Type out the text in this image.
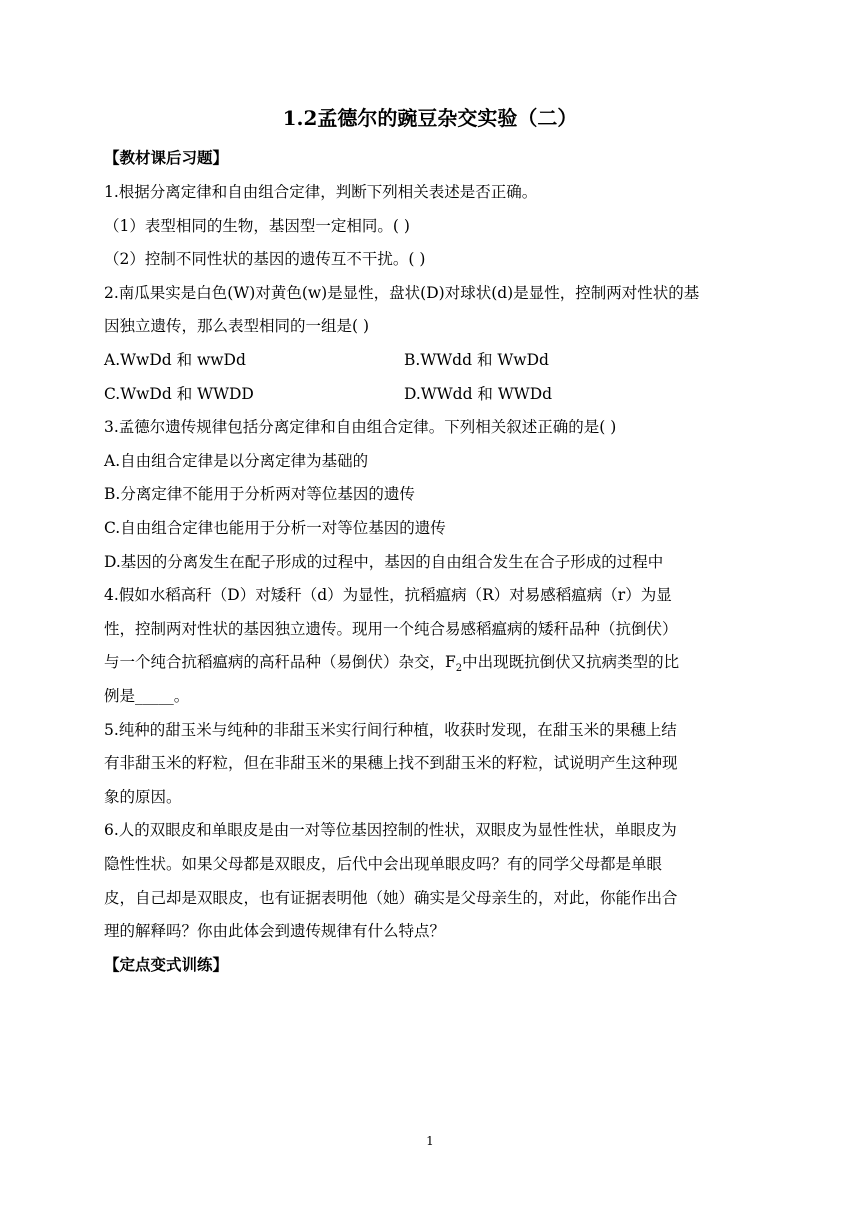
1.2孟德尔的豌豆杂交实验（二）
【教材课后习题】
1.根据分离定律和自由组合定律，判断下列相关表述是否正确。
（1）表型相同的生物，基因型一定相同。( )
（2）控制不同性状的基因的遗传互不干扰。( )
2.南瓜果实是白色(W)对黄色(w)是显性，盘状(D)对球状(d)是显性，控制两对性状的基
因独立遗传，那么表型相同的一组是( )
A.WwDd 和 wwDd	B.WWdd 和 WwDd
C.WwDd 和 WWDD	D.WWdd 和 WWDd
3.孟德尔遗传规律包括分离定律和自由组合定律。下列相关叙述正确的是( )
A.自由组合定律是以分离定律为基础的
B.分离定律不能用于分析两对等位基因的遗传
C.自由组合定律也能用于分析一对等位基因的遗传
D.基因的分离发生在配子形成的过程中，基因的自由组合发生在合子形成的过程中
4.假如水稻高秆（D）对矮秆（d）为显性，抗稻瘟病（R）对易感稻瘟病（r）为显
性，控制两对性状的基因独立遗传。现用一个纯合易感稻瘟病的矮秆品种（抗倒伏）
与一个纯合抗稻瘟病的高秆品种（易倒伏）杂交，$F_2$中出现既抗倒伏又抗病类型的比
例是_____。
5.纯种的甜玉米与纯种的非甜玉米实行间行种植，收获时发现，在甜玉米的果穗上结
有非甜玉米的籽粒，但在非甜玉米的果穗上找不到甜玉米的籽粒，试说明产生这种现
象的原因。
6.人的双眼皮和单眼皮是由一对等位基因控制的性状，双眼皮为显性性状，单眼皮为
隐性性状。如果父母都是双眼皮，后代中会出现单眼皮吗？有的同学父母都是单眼
皮，自己却是双眼皮，也有证据表明他（她）确实是父母亲生的，对此，你能作出合
理的解释吗？你由此体会到遗传规律有什么特点？
【定点变式训练】
1
